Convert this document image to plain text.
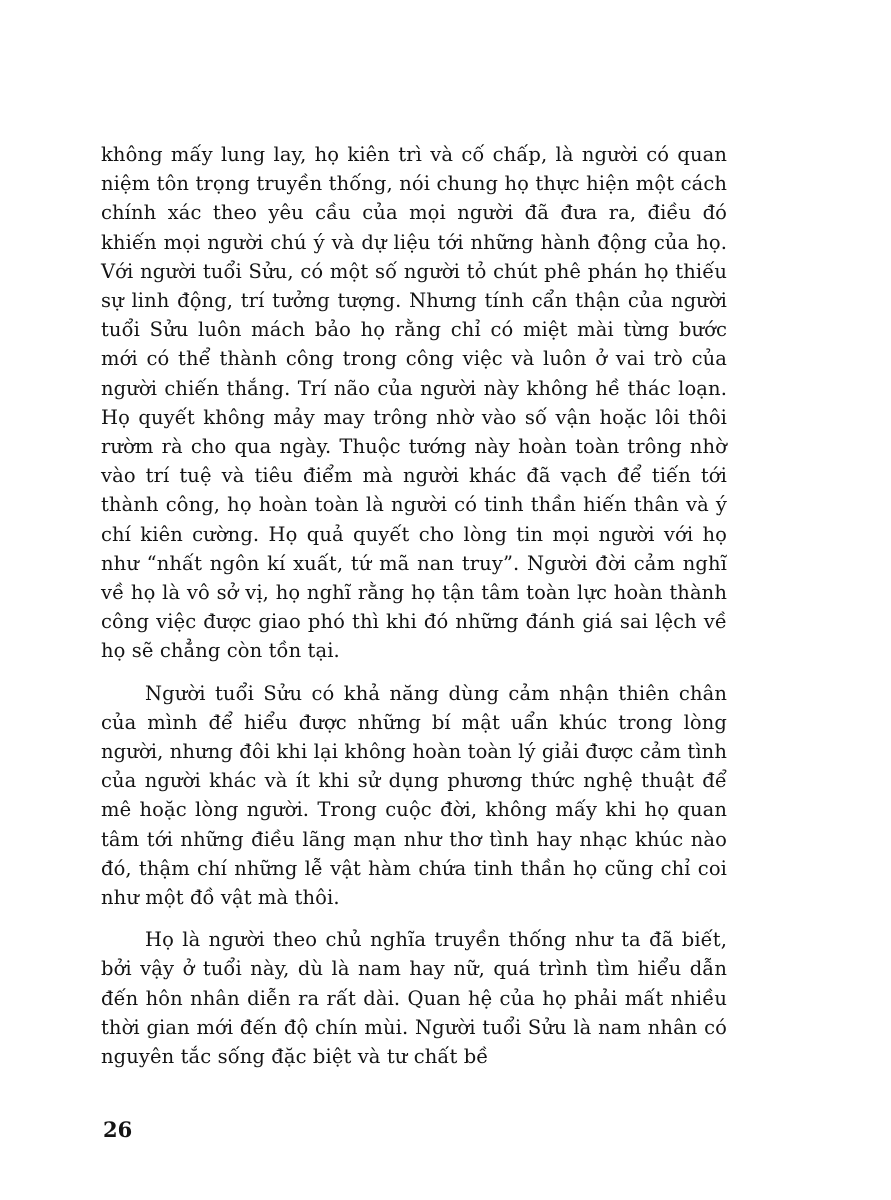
không mấy lung lay, họ kiên trì và cố chấp, là người có quan niệm tôn trọng truyền thống, nói chung họ thực hiện một cách chính xác theo yêu cầu của mọi người đã đưa ra, điều đó khiến mọi người chú ý và dự liệu tới những hành động của họ. Với người tuổi Sửu, có một số người tỏ chút phê phán họ thiếu sự linh động, trí tưởng tượng. Nhưng tính cẩn thận của người tuổi Sửu luôn mách bảo họ rằng chỉ có miệt mài từng bước mới có thể thành công trong công việc và luôn ở vai trò của người chiến thắng. Trí não của người này không hề thác loạn. Họ quyết không mảy may trông nhờ vào số vận hoặc lôi thôi rườm rà cho qua ngày. Thuộc tướng này hoàn toàn trông nhờ vào trí tuệ và tiêu điểm mà người khác đã vạch để tiến tới thành công, họ hoàn toàn là người có tinh thần hiến thân và ý chí kiên cường. Họ quả quyết cho lòng tin mọi người với họ như “nhất ngôn kí xuất, tứ mã nan truy”. Người đời cảm nghĩ về họ là vô sở vị, họ nghĩ rằng họ tận tâm toàn lực hoàn thành công việc được giao phó thì khi đó những đánh giá sai lệch về họ sẽ chẳng còn tồn tại.

Người tuổi Sửu có khả năng dùng cảm nhận thiên chân của mình để hiểu được những bí mật uẩn khúc trong lòng người, nhưng đôi khi lại không hoàn toàn lý giải được cảm tình của người khác và ít khi sử dụng phương thức nghệ thuật để mê hoặc lòng người. Trong cuộc đời, không mấy khi họ quan tâm tới những điều lãng mạn như thơ tình hay nhạc khúc nào đó, thậm chí những lễ vật hàm chứa tinh thần họ cũng chỉ coi như một đồ vật mà thôi.

Họ là người theo chủ nghĩa truyền thống như ta đã biết, bởi vậy ở tuổi này, dù là nam hay nữ, quá trình tìm hiểu dẫn đến hôn nhân diễn ra rất dài. Quan hệ của họ phải mất nhiều thời gian mới đến độ chín mùi. Người tuổi Sửu là nam nhân có nguyên tắc sống đặc biệt và tư chất bề

26
